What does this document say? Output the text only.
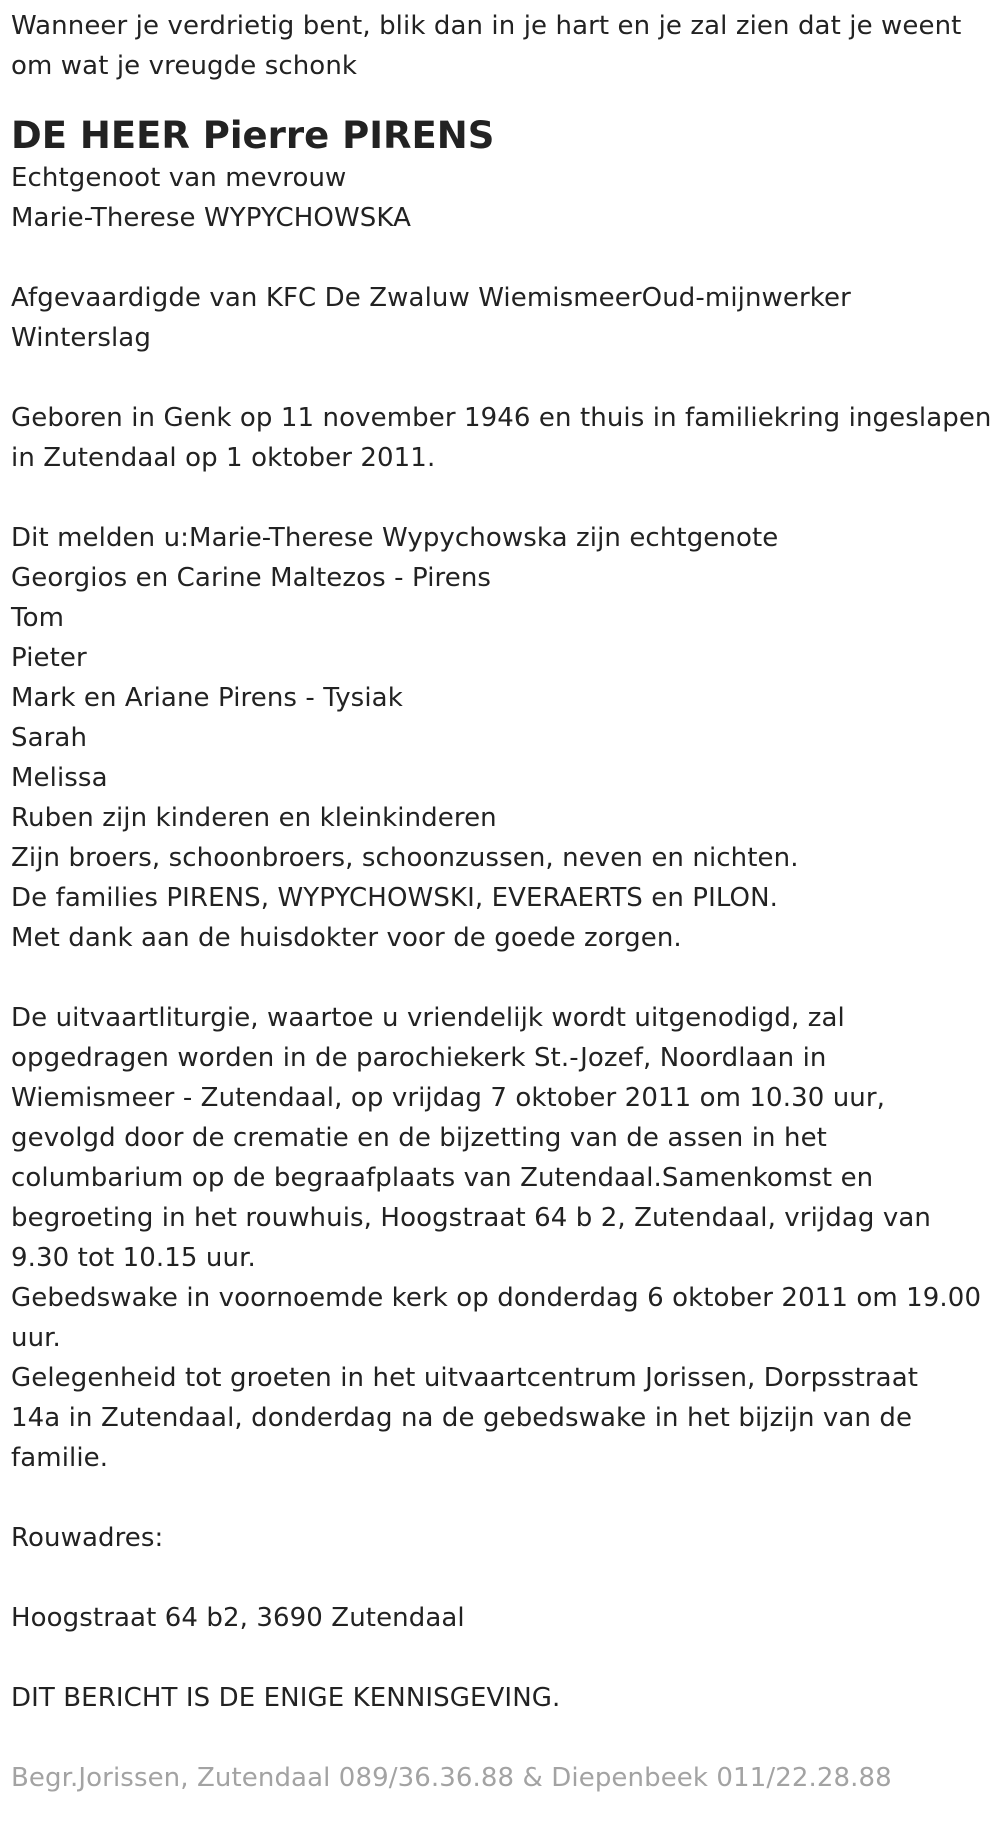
Wanneer je verdrietig bent, blik dan in je hart en je zal zien dat je weent
om wat je vreugde schonk
DE HEER Pierre PIRENS
Echtgenoot van mevrouw
Marie-Therese WYPYCHOWSKA
Afgevaardigde van KFC De Zwaluw WiemismeerOud-mijnwerker
Winterslag
Geboren in Genk op 11 november 1946 en thuis in familiekring ingeslapen
in Zutendaal op 1 oktober 2011.
Dit melden u:Marie-Therese Wypychowska zijn echtgenote
Georgios en Carine Maltezos - Pirens
Tom
Pieter
Mark en Ariane Pirens - Tysiak
Sarah
Melissa
Ruben zijn kinderen en kleinkinderen
Zijn broers, schoonbroers, schoonzussen, neven en nichten.
De families PIRENS, WYPYCHOWSKI, EVERAERTS en PILON.
Met dank aan de huisdokter voor de goede zorgen.
De uitvaartliturgie, waartoe u vriendelijk wordt uitgenodigd, zal
opgedragen worden in de parochiekerk St.-Jozef, Noordlaan in
Wiemismeer - Zutendaal, op vrijdag 7 oktober 2011 om 10.30 uur,
gevolgd door de crematie en de bijzetting van de assen in het
columbarium op de begraafplaats van Zutendaal.Samenkomst en
begroeting in het rouwhuis, Hoogstraat 64 b 2, Zutendaal, vrijdag van
9.30 tot 10.15 uur.
Gebedswake in voornoemde kerk op donderdag 6 oktober 2011 om 19.00
uur.
Gelegenheid tot groeten in het uitvaartcentrum Jorissen, Dorpsstraat
14a in Zutendaal, donderdag na de gebedswake in het bijzijn van de
familie.
Rouwadres:
Hoogstraat 64 b2, 3690 Zutendaal
DIT BERICHT IS DE ENIGE KENNISGEVING.
Begr.Jorissen, Zutendaal 089/36.36.88 & Diepenbeek 011/22.28.88
